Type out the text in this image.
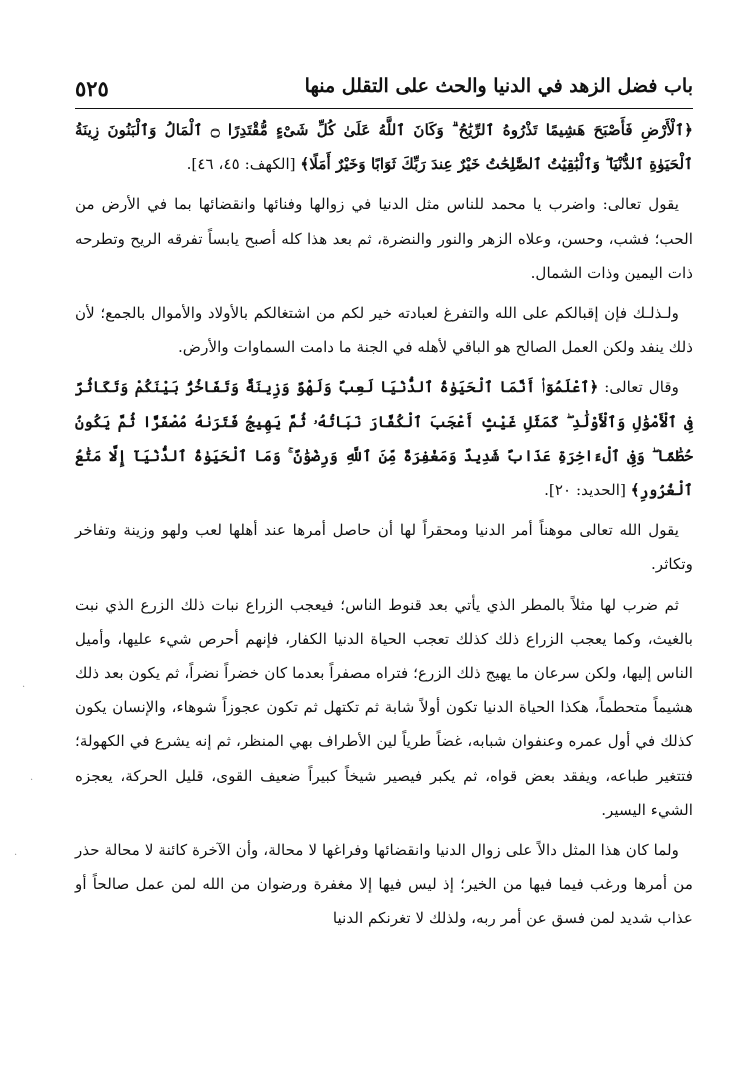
٥٢٥	باب فضل الزهد في الدنيا والحث على التقلل منها

﴿ٱلْأَرْضِ فَأَصْبَحَ هَشِيمًا تَذْرُوهُ ٱلرِّيَٰحُ ۗ وَكَانَ ٱللَّهُ عَلَىٰ كُلِّ شَىْءٍ مُّقْتَدِرًا ۝ ٱلْمَالُ وَٱلْبَنُونَ زِينَةُ ٱلْحَيَوٰةِ ٱلدُّنْيَا ۖ وَٱلْبَٰقِيَٰتُ ٱلصَّٰلِحَٰتُ خَيْرٌ عِندَ رَبِّكَ ثَوَابًا وَخَيْرٌ أَمَلًا﴾ [الكهف: ٤٥، ٤٦].

يقول تعالى: واضرب يا محمد للناس مثل الدنيا في زوالها وفنائها وانقضائها بما في الأرض من الحب؛ فشب، وحسن، وعلاه الزهر والنور والنضرة، ثم بعد هذا كله أصبح يابساً تفرقه الريح وتطرحه ذات اليمين وذات الشمال.

ولـذلـك فإن إقبالكم على الله والتفرغ لعبادته خير لكم من اشتغالكم بالأولاد والأموال بالجمع؛ لأن ذلك ينفد ولكن العمل الصالح هو الباقي لأهله في الجنة ما دامت السماوات والأرض.

وقال تعالى: ﴿ٱعْلَمُوٓا۟ أَنَّمَا ٱلْحَيَوٰةُ ٱلدُّنْيَا لَعِبٌ وَلَهْوٌ وَزِينَةٌ وَتَفَاخُرٌۢ بَيْنَكُمْ وَتَكَاثُرٌ فِى ٱلْأَمْوَٰلِ وَٱلْأَوْلَٰدِ ۖ كَمَثَلِ غَيْثٍ أَعْجَبَ ٱلْكُفَّارَ نَبَاتُهُۥ ثُمَّ يَهِيجُ فَتَرَىٰهُ مُصْفَرًّا ثُمَّ يَكُونُ حُطَٰمًا ۖ وَفِى ٱلْءَاخِرَةِ عَذَابٌ شَدِيدٌ وَمَغْفِرَةٌ مِّنَ ٱللَّهِ وَرِضْوَٰنٌ ۚ وَمَا ٱلْحَيَوٰةُ ٱلدُّنْيَآ إِلَّا مَتَٰعُ ٱلْغُرُورِ﴾ [الحديد: ٢٠].

يقول الله تعالى موهناً أمر الدنيا ومحقراً لها أن حاصل أمرها عند أهلها لعب ولهو وزينة وتفاخر وتكاثر.

ثم ضرب لها مثلاً بالمطر الذي يأتي بعد قنوط الناس؛ فيعجب الزراع نبات ذلك الزرع الذي نبت بالغيث، وكما يعجب الزراع ذلك كذلك تعجب الحياة الدنيا الكفار، فإنهم أحرص شيء عليها، وأميل الناس إليها، ولكن سرعان ما يهيج ذلك الزرع؛ فتراه مصفراً بعدما كان خضراً نضراً، ثم يكون بعد ذلك هشيماً متحطماً، هكذا الحياة الدنيا تكون أولاً شابة ثم تكتهل ثم تكون عجوزاً شوهاء، والإنسان يكون كذلك في أول عمره وعنفوان شبابه، غضاً طرياً لين الأطراف بهي المنظر، ثم إنه يشرع في الكهولة؛ فتتغير طباعه، ويفقد بعض قواه، ثم يكبر فيصير شيخاً كبيراً ضعيف القوى، قليل الحركة، يعجزه الشيء اليسير.

ولما كان هذا المثل دالاً على زوال الدنيا وانقضائها وفراغها لا محالة، وأن الآخرة كائنة لا محالة حذر من أمرها ورغب فيما فيها من الخير؛ إذ ليس فيها إلا مغفرة ورضوان من الله لمن عمل صالحاً أو عذاب شديد لمن فسق عن أمر ربه، ولذلك لا تغرنكم الدنيا

·
·
·
